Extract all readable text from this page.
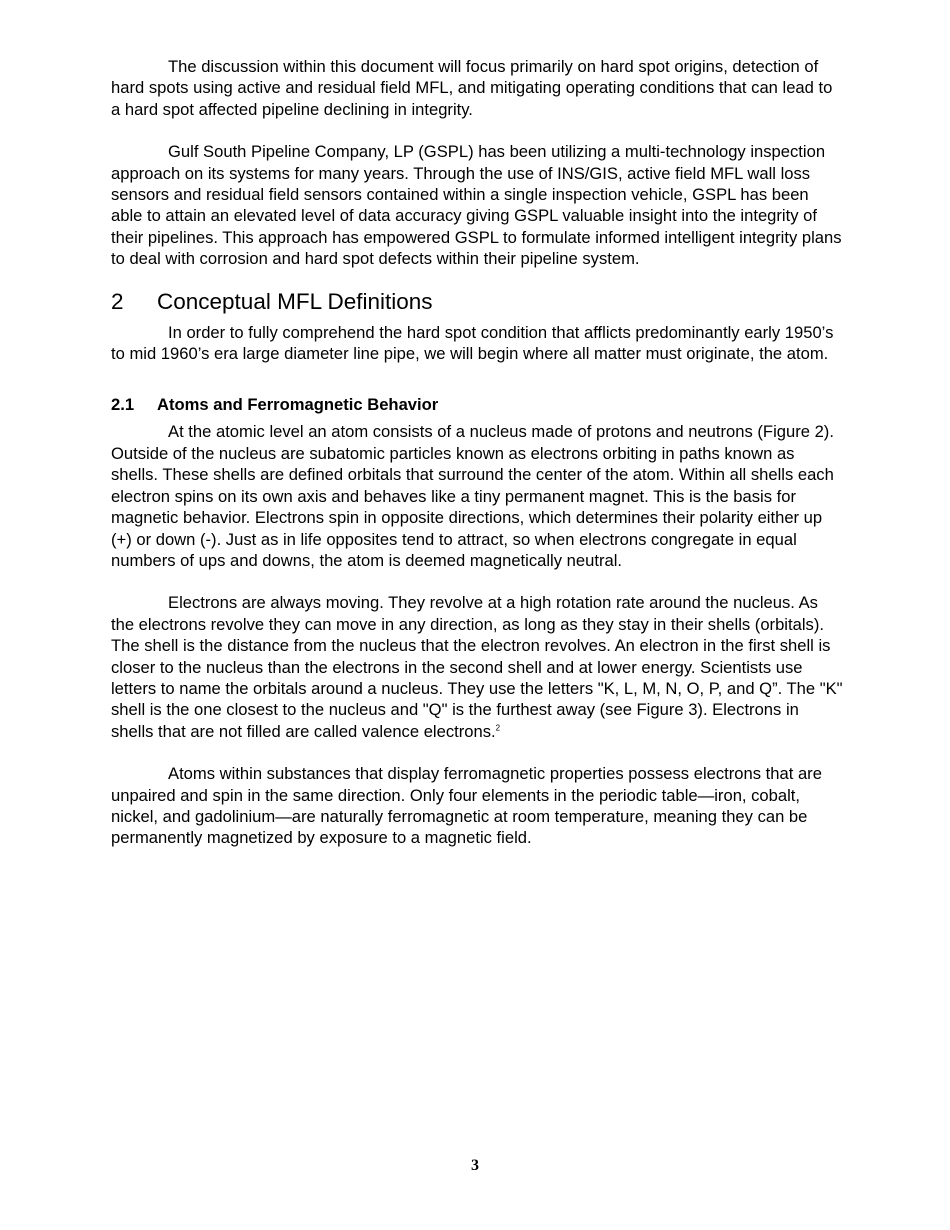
The discussion within this document will focus primarily on hard spot origins, detection of hard spots using active and residual field MFL, and mitigating operating conditions that can lead to a hard spot affected pipeline declining in integrity.

Gulf South Pipeline Company, LP (GSPL) has been utilizing a multi-technology inspection approach on its systems for many years. Through the use of INS/GIS, active field MFL wall loss sensors and residual field sensors contained within a single inspection vehicle, GSPL has been able to attain an elevated level of data accuracy giving GSPL valuable insight into the integrity of their pipelines. This approach has empowered GSPL to formulate informed intelligent integrity plans to deal with corrosion and hard spot defects within their pipeline system.

2	Conceptual MFL Definitions

In order to fully comprehend the hard spot condition that afflicts predominantly early 1950’s to mid 1960’s era large diameter line pipe, we will begin where all matter must originate, the atom.

2.1	Atoms and Ferromagnetic Behavior

At the atomic level an atom consists of a nucleus made of protons and neutrons (Figure 2). Outside of the nucleus are subatomic particles known as electrons orbiting in paths known as shells. These shells are defined orbitals that surround the center of the atom. Within all shells each electron spins on its own axis and behaves like a tiny permanent magnet. This is the basis for magnetic behavior. Electrons spin in opposite directions, which determines their polarity either up (+) or down (-). Just as in life opposites tend to attract, so when electrons congregate in equal numbers of ups and downs, the atom is deemed magnetically neutral.

Electrons are always moving. They revolve at a high rotation rate around the nucleus. As the electrons revolve they can move in any direction, as long as they stay in their shells (orbitals). The shell is the distance from the nucleus that the electron revolves. An electron in the first shell is closer to the nucleus than the electrons in the second shell and at lower energy. Scientists use letters to name the orbitals around a nucleus. They use the letters "K, L, M, N, O, P, and Q”. The "K" shell is the one closest to the nucleus and "Q" is the furthest away (see Figure 3). Electrons in shells that are not filled are called valence electrons.$^2$

Atoms within substances that display ferromagnetic properties possess electrons that are unpaired and spin in the same direction. Only four elements in the periodic table—iron, cobalt, nickel, and gadolinium—are naturally ferromagnetic at room temperature, meaning they can be permanently magnetized by exposure to a magnetic field.

3
